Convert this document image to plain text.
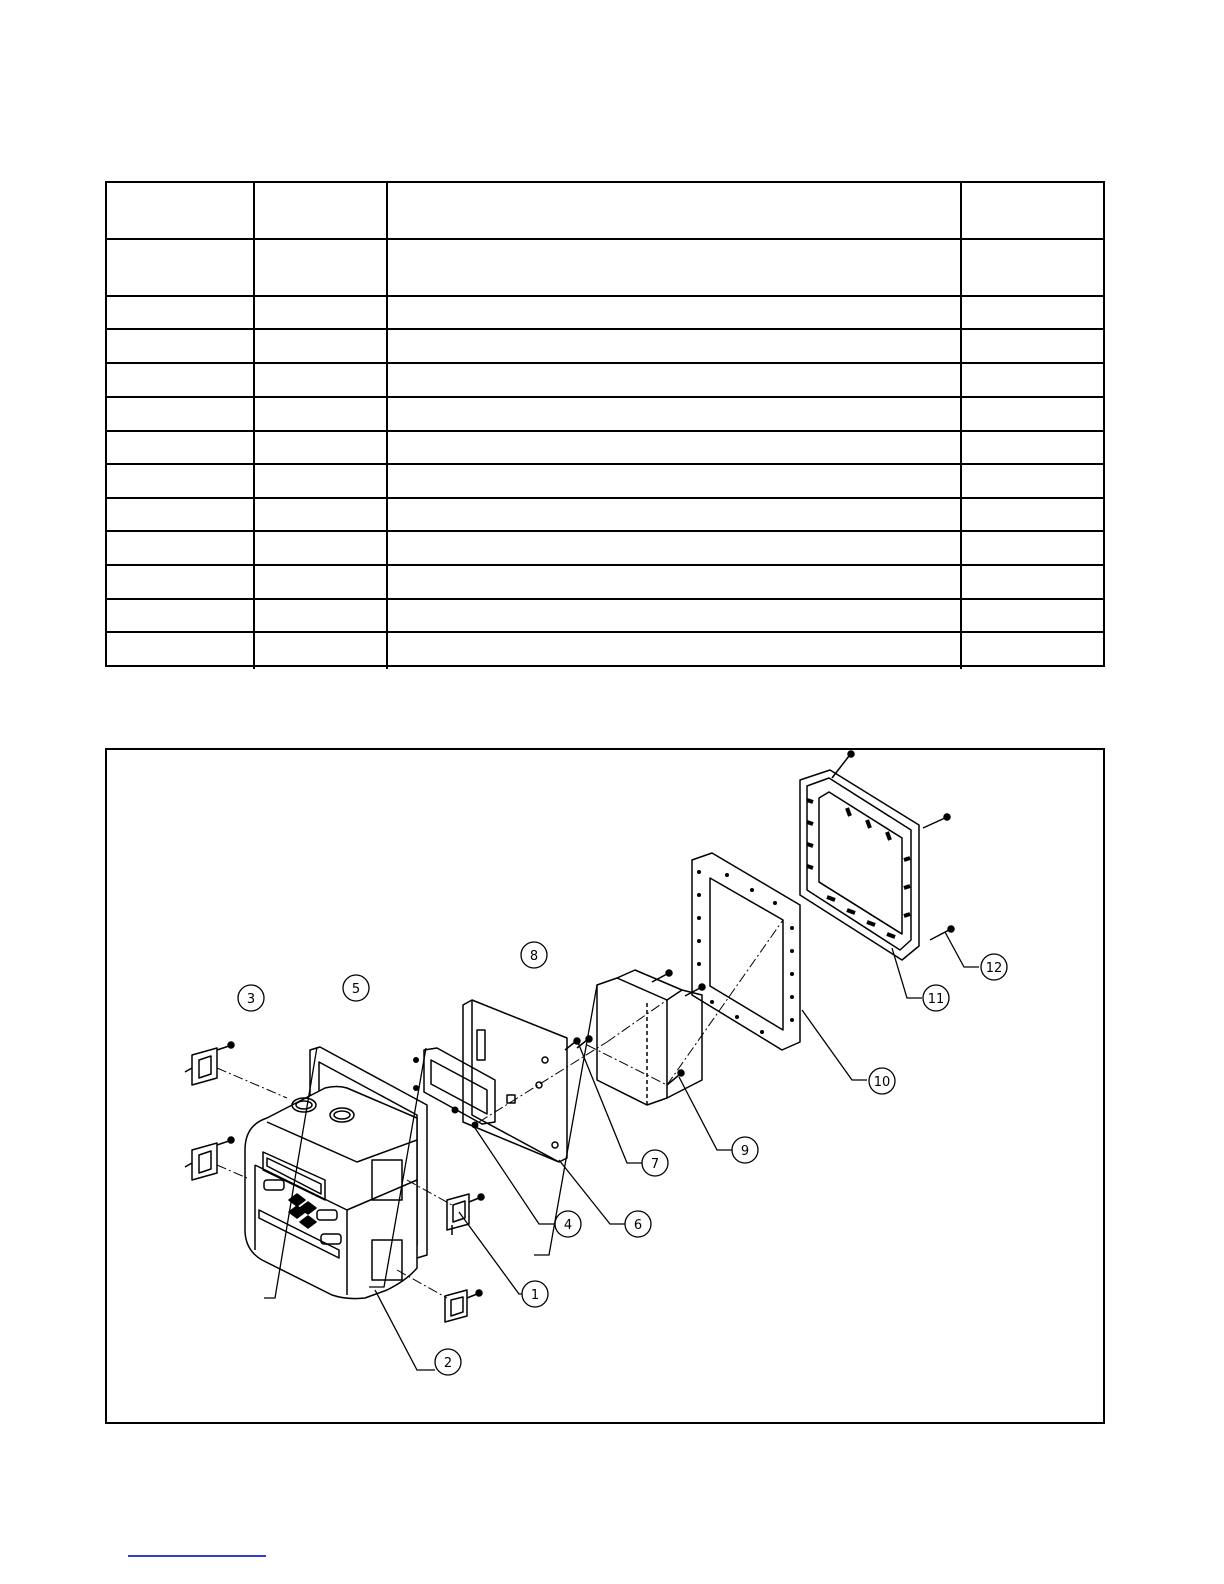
1
2
3
4
5
6
7
8
9
10
11
12
